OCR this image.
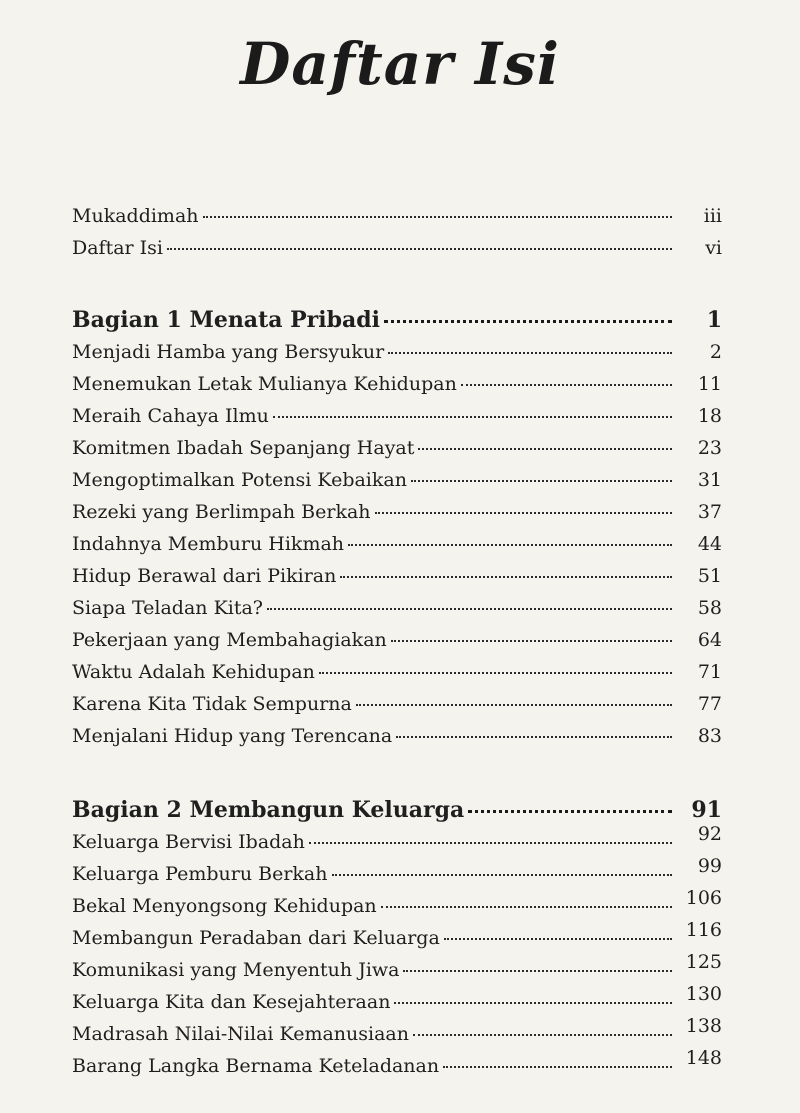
Daftar Isi
Mukaddimah	iii
Daftar Isi	vi
Bagian 1 Menata Pribadi	1
Menjadi Hamba yang Bersyukur	2
Menemukan Letak Mulianya Kehidupan	11
Meraih Cahaya Ilmu	18
Komitmen Ibadah Sepanjang Hayat	23
Mengoptimalkan Potensi Kebaikan	31
Rezeki yang Berlimpah Berkah	37
Indahnya Memburu Hikmah	44
Hidup Berawal dari Pikiran	51
Siapa Teladan Kita?	58
Pekerjaan yang Membahagiakan	64
Waktu Adalah Kehidupan	71
Karena Kita Tidak Sempurna	77
Menjalani Hidup yang Terencana	83
Bagian 2 Membangun Keluarga	91
Keluarga Bervisi Ibadah	92
Keluarga Pemburu Berkah	99
Bekal Menyongsong Kehidupan	106
Membangun Peradaban dari Keluarga	116
Komunikasi yang Menyentuh Jiwa	125
Keluarga Kita dan Kesejahteraan	130
Madrasah Nilai-Nilai Kemanusiaan	138
Barang Langka Bernama Keteladanan	148
